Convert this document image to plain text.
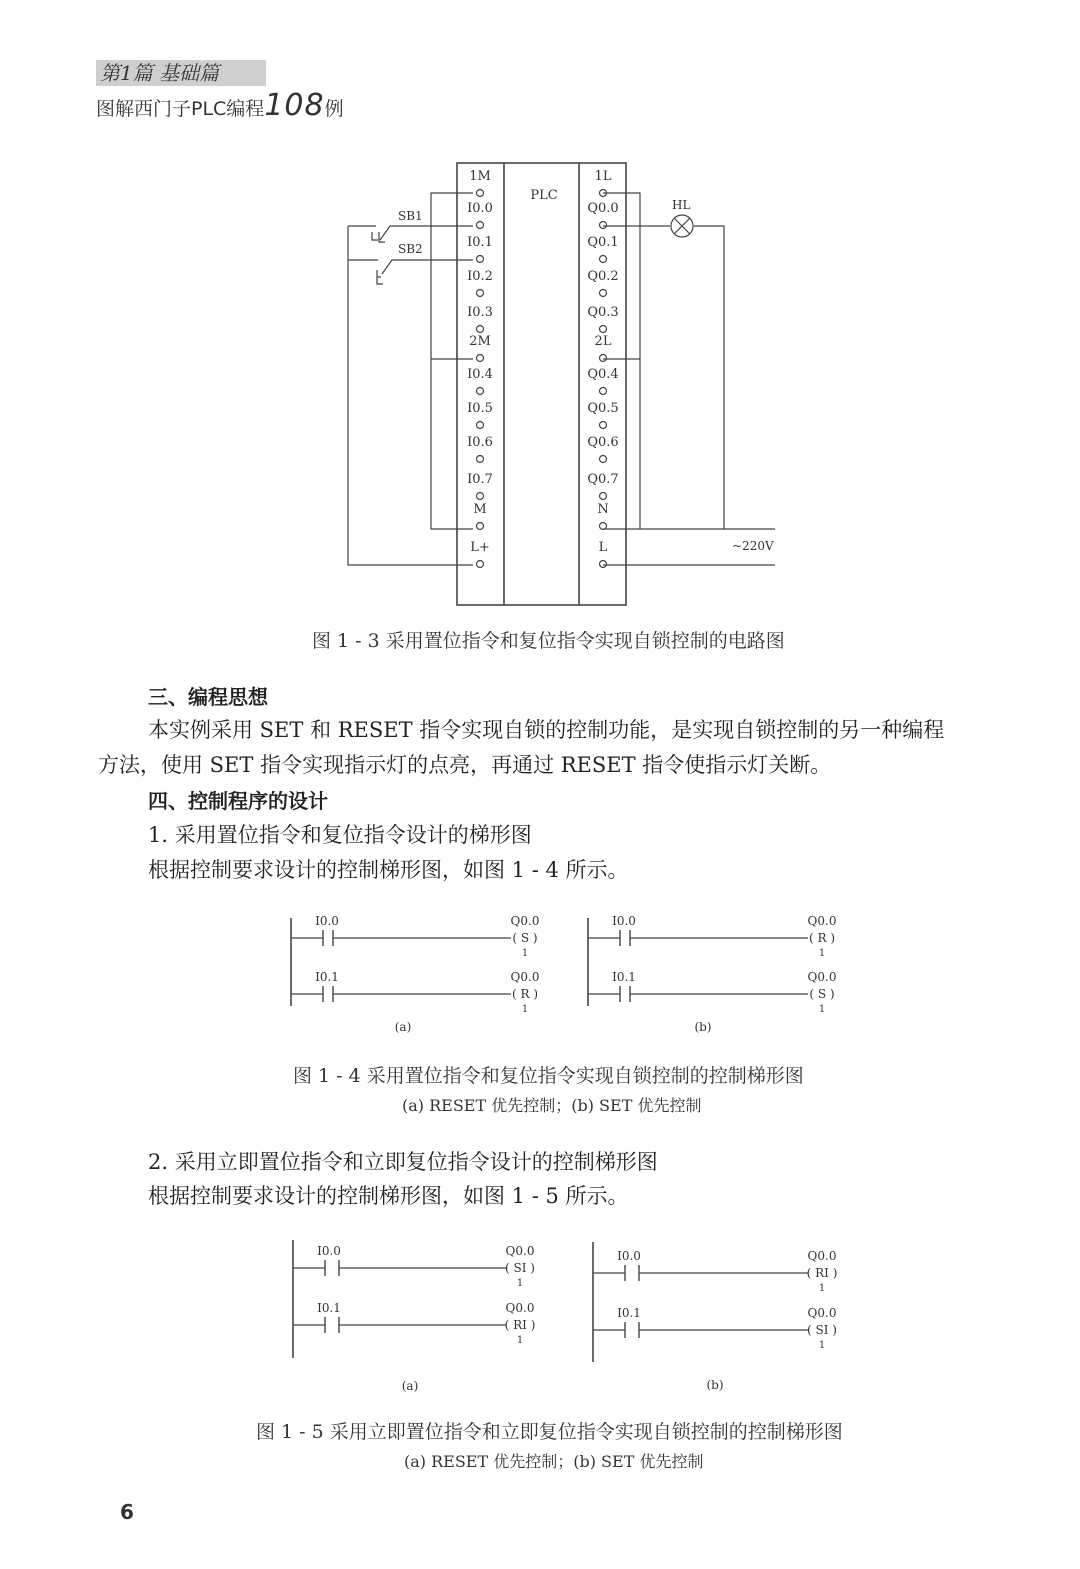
第1篇 基础篇
图解西门子PLC编程108例
PLC
1M
I0.0
I0.1
I0.2
I0.3
2M
I0.4
I0.5
I0.6
I0.7
M
L+
1L
Q0.0
Q0.1
Q0.2
Q0.3
2L
Q0.4
Q0.5
Q0.6
Q0.7
N
L
SB1
SB2
HL
~220V
图 1 - 3 采用置位指令和复位指令实现自锁控制的电路图
三、编程思想
本实例采用 SET 和 RESET 指令实现自锁的控制功能，是实现自锁控制的另一种编程
方法，使用 SET 指令实现指示灯的点亮，再通过 RESET 指令使指示灯关断。
四、控制程序的设计
1. 采用置位指令和复位指令设计的梯形图
根据控制要求设计的控制梯形图，如图 1 - 4 所示。
I0.0	Q0.0
( S )
1
I0.1	Q0.0
( R )
1
(a)
I0.0	Q0.0
( R )
1
I0.1	Q0.0
( S )
1
(b)
图 1 - 4 采用置位指令和复位指令实现自锁控制的控制梯形图
(a) RESET 优先控制；(b) SET 优先控制
2. 采用立即置位指令和立即复位指令设计的控制梯形图
根据控制要求设计的控制梯形图，如图 1 - 5 所示。
I0.0	Q0.0
( SI )
1
I0.1	Q0.0
( RI )
1
(a)
I0.0	Q0.0
( RI )
1
I0.1	Q0.0
( SI )
1
(b)
图 1 - 5 采用立即置位指令和立即复位指令实现自锁控制的控制梯形图
(a) RESET 优先控制；(b) SET 优先控制
6
